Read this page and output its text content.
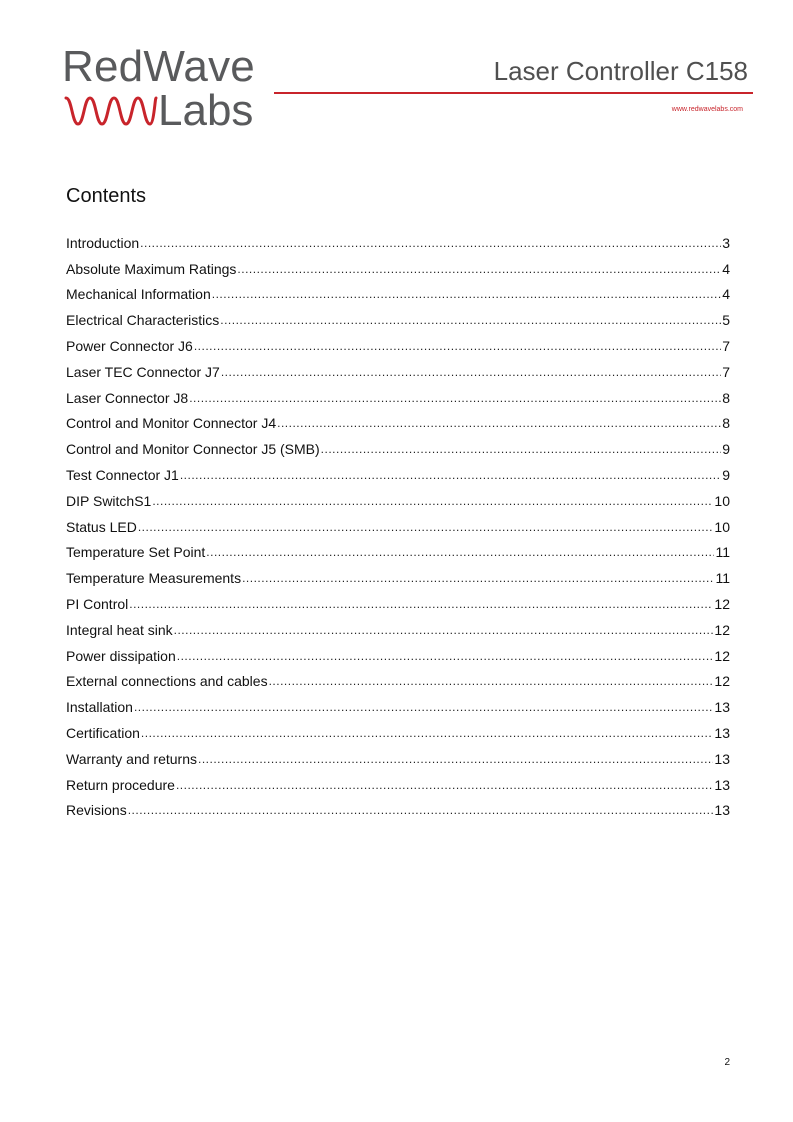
RedWave
Labs
Laser Controller C158
www.redwavelabs.com
Contents
Introduction .....	3
Absolute Maximum Ratings .....	4
Mechanical Information .....	4
Electrical Characteristics .....	5
Power Connector J6 .....	7
Laser TEC Connector J7 .....	7
Laser Connector J8 .....	8
Control and Monitor Connector J4 .....	8
Control and Monitor Connector J5 (SMB) .....	9
Test Connector J1 .....	9
DIP SwitchS1 .....	10
Status LED .....	10
Temperature Set Point .....	11
Temperature Measurements .....	11
PI Control .....	12
Integral heat sink .....	12
Power dissipation .....	12
External connections and cables .....	12
Installation .....	13
Certification .....	13
Warranty and returns .....	13
Return procedure .....	13
Revisions .....	13
2
